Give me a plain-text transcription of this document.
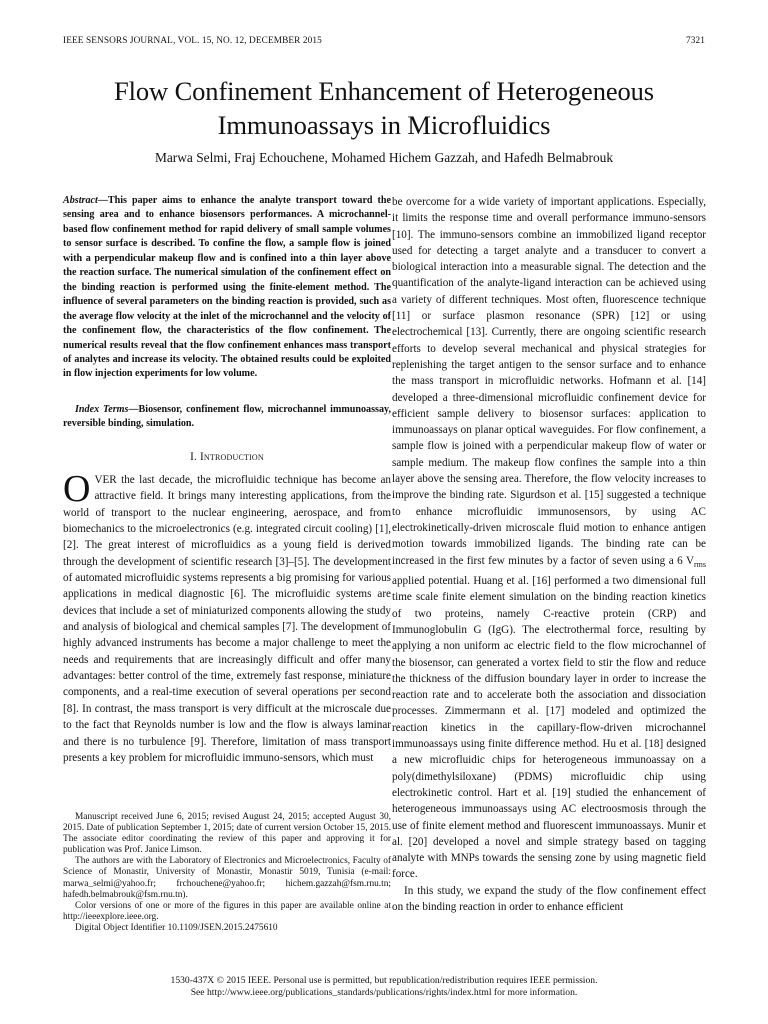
IEEE SENSORS JOURNAL, VOL. 15, NO. 12, DECEMBER 2015	7321
Flow Confinement Enhancement of Heterogeneous Immunoassays in Microfluidics
Marwa Selmi, Fraj Echouchene, Mohamed Hichem Gazzah, and Hafedh Belmabrouk
Abstract—This paper aims to enhance the analyte transport toward the sensing area and to enhance biosensors performances. A microchannel-based flow confinement method for rapid delivery of small sample volumes to sensor surface is described. To confine the flow, a sample flow is joined with a perpendicular makeup flow and is confined into a thin layer above the reaction surface. The numerical simulation of the confinement effect on the binding reaction is performed using the finite-element method. The influence of several parameters on the binding reaction is provided, such as the average flow velocity at the inlet of the microchannel and the velocity of the confinement flow, the characteristics of the flow confinement. The numerical results reveal that the flow confinement enhances mass transport of analytes and increase its velocity. The obtained results could be exploited in flow injection experiments for low volume.
Index Terms—Biosensor, confinement flow, microchannel immunoassay, reversible binding, simulation.
I. Introduction
OVER the last decade, the microfluidic technique has become an attractive field. It brings many interesting applications, from the world of transport to the nuclear engineering, aerospace, and from biomechanics to the microelectronics (e.g. integrated circuit cooling) [1], [2]. The great interest of microfluidics as a young field is derived through the development of scientific research [3]–[5]. The development of automated microfluidic systems represents a big promising for various applications in medical diagnostic [6]. The microfluidic systems are devices that include a set of miniaturized components allowing the study and analysis of biological and chemical samples [7]. The development of highly advanced instruments has become a major challenge to meet the needs and requirements that are increasingly difficult and offer many advantages: better control of the time, extremely fast response, miniature components, and a real-time execution of several operations per second [8]. In contrast, the mass transport is very difficult at the microscale due to the fact that Reynolds number is low and the flow is always laminar and there is no turbulence [9]. Therefore, limitation of mass transport presents a key problem for microfluidic immuno-sensors, which must

Manuscript received June 6, 2015; revised August 24, 2015; accepted August 30, 2015. Date of publication September 1, 2015; date of current version October 15, 2015. The associate editor coordinating the review of this paper and approving it for publication was Prof. Janice Limson.

The authors are with the Laboratory of Electronics and Microelectronics, Faculty of Science of Monastir, University of Monastir, Monastir 5019, Tunisia (e-mail: marwa_selmi@yahoo.fr; frchouchene@yahoo.fr; hichem.gazzah@fsm.rnu.tn; hafedh.belmabrouk@fsm.rnu.tn).

Color versions of one or more of the figures in this paper are available online at http://ieeexplore.ieee.org.

Digital Object Identifier 10.1109/JSEN.2015.2475610

be overcome for a wide variety of important applications. Especially, it limits the response time and overall performance immuno-sensors [10]. The immuno-sensors combine an immobilized ligand receptor used for detecting a target analyte and a transducer to convert a biological interaction into a measurable signal. The detection and the quantification of the analyte-ligand interaction can be achieved using a variety of different techniques. Most often, fluorescence technique [11] or surface plasmon resonance (SPR) [12] or using electrochemical [13]. Currently, there are ongoing scientific research efforts to develop several mechanical and physical strategies for replenishing the target antigen to the sensor surface and to enhance the mass transport in microfluidic networks. Hofmann et al. [14] developed a three-dimensional microfluidic confinement device for efficient sample delivery to biosensor surfaces: application to immunoassays on planar optical waveguides. For flow confinement, a sample flow is joined with a perpendicular makeup flow of water or sample medium. The makeup flow confines the sample into a thin layer above the sensing area. Therefore, the flow velocity increases to improve the binding rate. Sigurdson et al. [15] suggested a technique to enhance microfluidic immunosensors, by using AC electrokinetically-driven microscale fluid motion to enhance antigen motion towards immobilized ligands. The binding rate can be increased in the first few minutes by a factor of seven using a 6 $V_{rms}$ applied potential. Huang et al. [16] performed a two dimensional full time scale finite element simulation on the binding reaction kinetics of two proteins, namely C-reactive protein (CRP) and Immunoglobulin G (IgG). The electrothermal force, resulting by applying a non uniform ac electric field to the flow microchannel of the biosensor, can generated a vortex field to stir the flow and reduce the thickness of the diffusion boundary layer in order to increase the reaction rate and to accelerate both the association and dissociation processes. Zimmermann et al. [17] modeled and optimized the reaction kinetics in the capillary-flow-driven microchannel immunoassays using finite difference method. Hu et al. [18] designed a new microfluidic chips for heterogeneous immunoassay on a poly(dimethylsiloxane) (PDMS) microfluidic chip using electrokinetic control. Hart et al. [19] studied the enhancement of heterogeneous immunoassays using AC electroosmosis through the use of finite element method and fluorescent immunoassays. Munir et al. [20] developed a novel and simple strategy based on tagging analyte with MNPs towards the sensing zone by using magnetic field force.

In this study, we expand the study of the flow confinement effect on the binding reaction in order to enhance efficient

1530-437X © 2015 IEEE. Personal use is permitted, but republication/redistribution requires IEEE permission.
See http://www.ieee.org/publications_standards/publications/rights/index.html for more information.
